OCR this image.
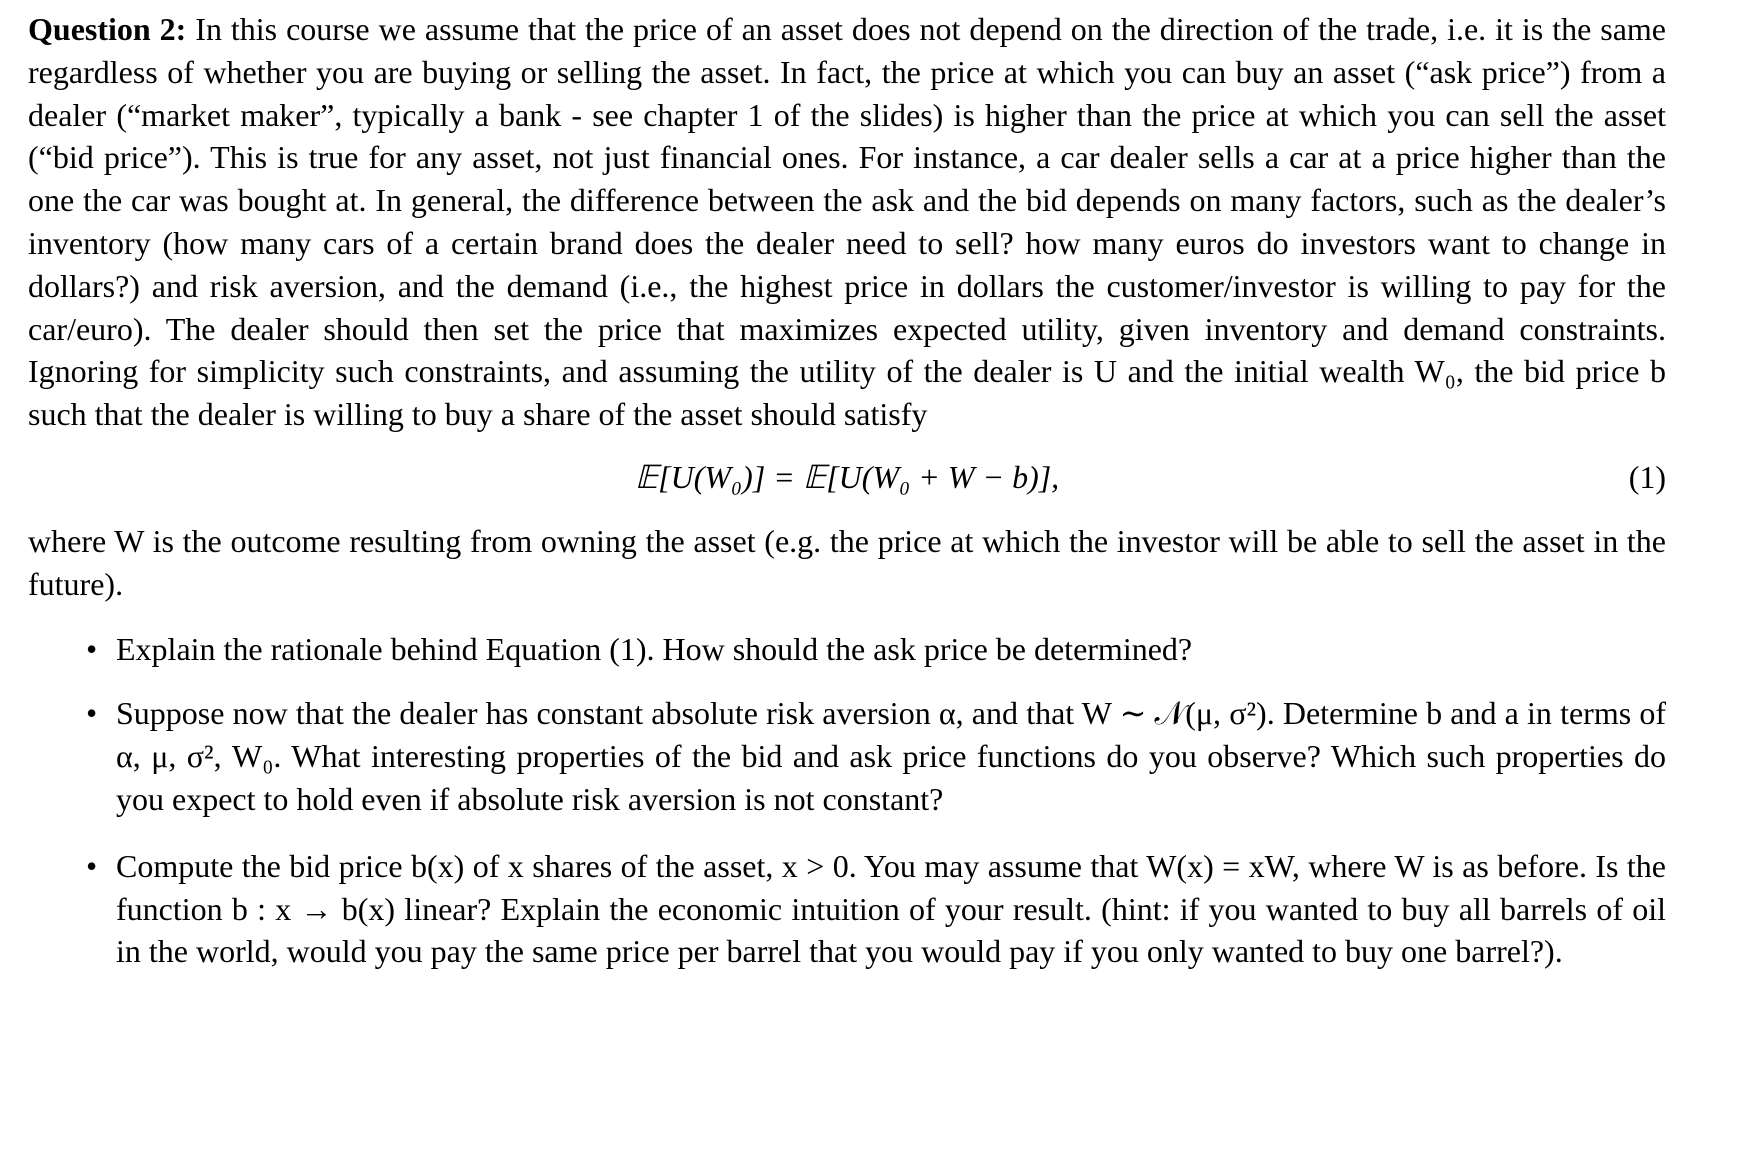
Question 2: In this course we assume that the price of an asset does not depend on the direction of the trade, i.e. it is the same regardless of whether you are buying or selling the asset. In fact, the price at which you can buy an asset (“ask price”) from a dealer (“market maker”, typically a bank - see chapter 1 of the slides) is higher than the price at which you can sell the asset (“bid price”). This is true for any asset, not just financial ones. For instance, a car dealer sells a car at a price higher than the one the car was bought at. In general, the difference between the ask and the bid depends on many factors, such as the dealer’s inventory (how many cars of a certain brand does the dealer need to sell? how many euros do investors want to change in dollars?) and risk aversion, and the demand (i.e., the highest price in dollars the customer/investor is willing to pay for the car/euro). The dealer should then set the price that maximizes expected utility, given inventory and demand constraints. Ignoring for simplicity such constraints, and assuming the utility of the dealer is U and the initial wealth W₀, the bid price b such that the dealer is willing to buy a share of the asset should satisfy

𝔼[U(W₀)] = 𝔼[U(W₀ + W − b)],	(1)

where W is the outcome resulting from owning the asset (e.g. the price at which the investor will be able to sell the asset in the future).

• Explain the rationale behind Equation (1). How should the ask price be determined?
• Suppose now that the dealer has constant absolute risk aversion α, and that W ∼ 𝒩(μ, σ²). Determine b and a in terms of α, μ, σ², W₀. What interesting properties of the bid and ask price functions do you observe? Which such properties do you expect to hold even if absolute risk aversion is not constant?
• Compute the bid price b(x) of x shares of the asset, x > 0. You may assume that W(x) = xW, where W is as before. Is the function b : x → b(x) linear? Explain the economic intuition of your result. (hint: if you wanted to buy all barrels of oil in the world, would you pay the same price per barrel that you would pay if you only wanted to buy one barrel?).
